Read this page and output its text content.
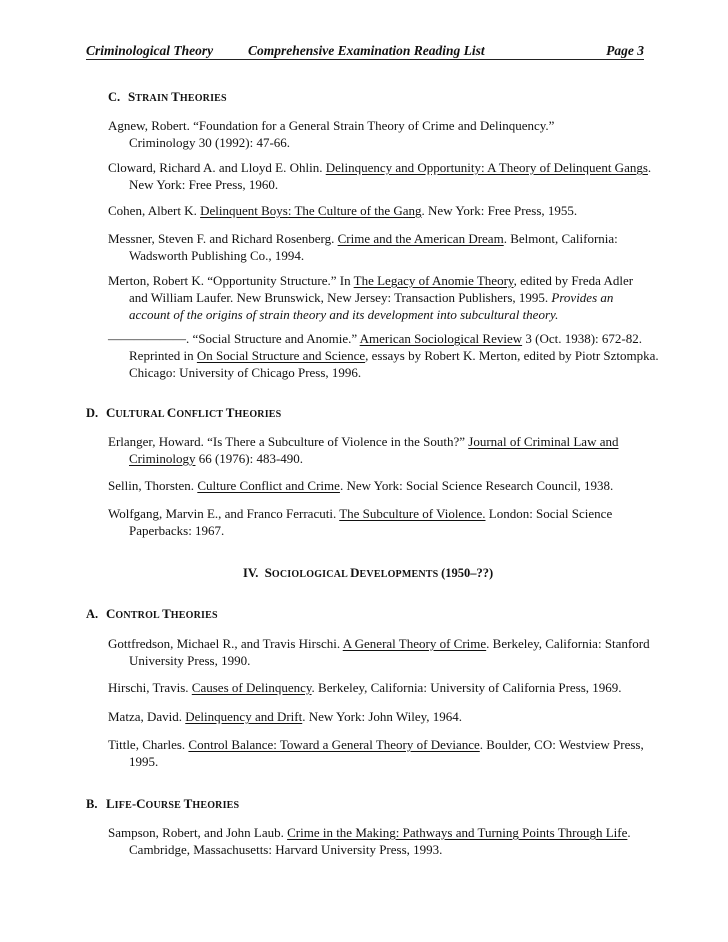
Criminological Theory	Comprehensive Examination Reading List	Page 3
C. STRAIN THEORIES
Agnew, Robert. “Foundation for a General Strain Theory of Crime and Delinquency.”
Criminology 30 (1992): 47-66.
Cloward, Richard A. and Lloyd E. Ohlin. Delinquency and Opportunity: A Theory of Delinquent Gangs.
New York: Free Press, 1960.
Cohen, Albert K. Delinquent Boys: The Culture of the Gang. New York: Free Press, 1955.
Messner, Steven F. and Richard Rosenberg. Crime and the American Dream. Belmont, California:
Wadsworth Publishing Co., 1994.
Merton, Robert K. “Opportunity Structure.” In The Legacy of Anomie Theory, edited by Freda Adler
and William Laufer. New Brunswick, New Jersey: Transaction Publishers, 1995. Provides an
account of the origins of strain theory and its development into subcultural theory.
——————. “Social Structure and Anomie.” American Sociological Review 3 (Oct. 1938): 672-82.
Reprinted in On Social Structure and Science, essays by Robert K. Merton, edited by Piotr Sztompka.
Chicago: University of Chicago Press, 1996.
D. CULTURAL CONFLICT THEORIES
Erlanger, Howard. “Is There a Subculture of Violence in the South?” Journal of Criminal Law and
Criminology 66 (1976): 483-490.
Sellin, Thorsten. Culture Conflict and Crime. New York: Social Science Research Council, 1938.
Wolfgang, Marvin E., and Franco Ferracuti. The Subculture of Violence. London: Social Science
Paperbacks: 1967.
IV. SOCIOLOGICAL DEVELOPMENTS (1950–??)
A. CONTROL THEORIES
Gottfredson, Michael R., and Travis Hirschi. A General Theory of Crime. Berkeley, California: Stanford
University Press, 1990.
Hirschi, Travis. Causes of Delinquency. Berkeley, California: University of California Press, 1969.
Matza, David. Delinquency and Drift. New York: John Wiley, 1964.
Tittle, Charles. Control Balance: Toward a General Theory of Deviance. Boulder, CO: Westview Press,
1995.
B. LIFE-COURSE THEORIES
Sampson, Robert, and John Laub. Crime in the Making: Pathways and Turning Points Through Life.
Cambridge, Massachusetts: Harvard University Press, 1993.
